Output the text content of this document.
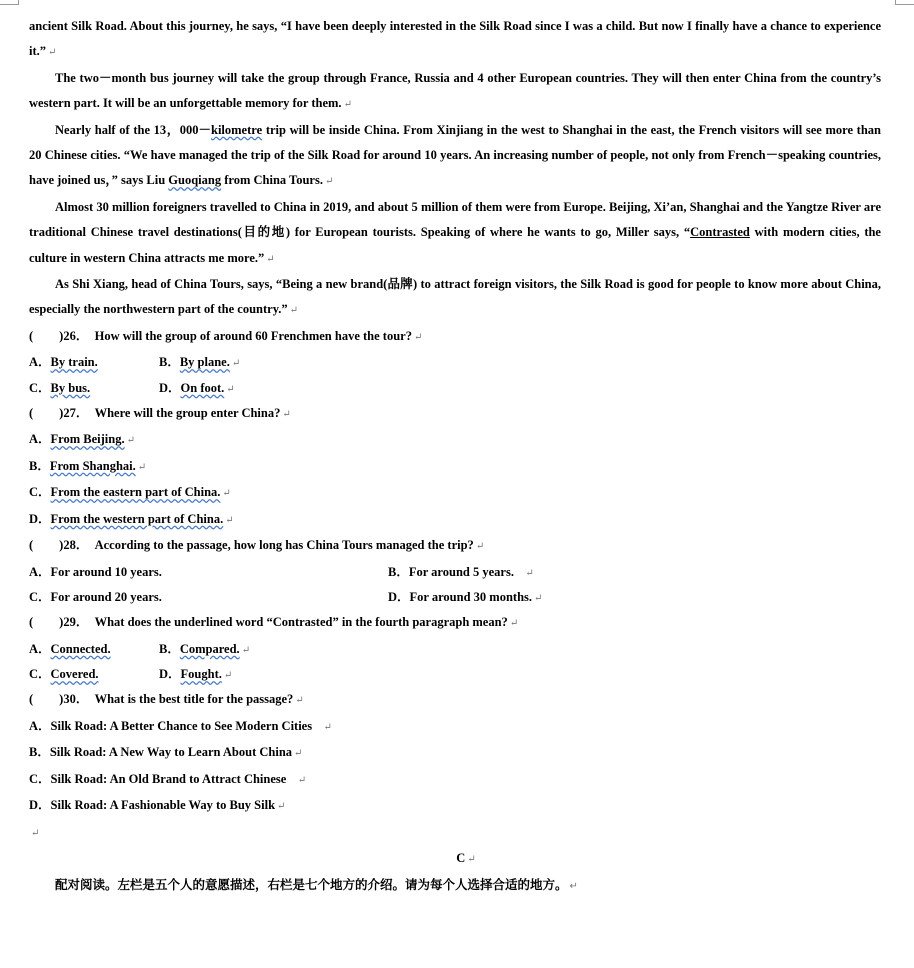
ancient Silk Road. About this journey, he says, “I have been deeply interested in the Silk Road since I was a child. But now I finally have a chance to experience it.” ↵

The two－month bus journey will take the group through France, Russia and 4 other European countries. They will then enter China from the country’s western part. It will be an unforgettable memory for them. ↵

Nearly half of the 13，000－kilometre trip will be inside China. From Xinjiang in the west to Shanghai in the east, the French visitors will see more than 20 Chinese cities. “We have managed the trip of the Silk Road for around 10 years. An increasing number of people, not only from French－speaking countries, have joined us，” says Liu Guoqiang from China Tours. ↵

Almost 30 million foreigners travelled to China in 2019, and about 5 million of them were from Europe. Beijing, Xi’an, Shanghai and the Yangtze River are traditional Chinese travel destinations(目的地) for European tourists. Speaking of where he wants to go, Miller says, “Contrasted with modern cities, the culture in western China attracts me more.” ↵

As Shi Xiang, head of China Tours, says, “Being a new brand(品牌) to attract foreign visitors, the Silk Road is good for people to know more about China, especially the northwestern part of the country.” ↵

( )26． How will the group of around 60 Frenchmen have the tour? ↵

A．By train.	B．By plane. ↵
C．By bus.	D．On foot. ↵

( )27． Where will the group enter China? ↵

A．From Beijing. ↵

B．From Shanghai. ↵

C．From the eastern part of China. ↵

D．From the western part of China. ↵

( )28． According to the passage, how long has China Tours managed the trip? ↵

A．For around 10 years.	B．For around 5 years. ↵
C．For around 20 years.	D．For around 30 months. ↵

( )29． What does the underlined word “Contrasted” in the fourth paragraph mean? ↵

A．Connected.	B．Compared. ↵
C．Covered.	D．Fought. ↵

( )30． What is the best title for the passage? ↵

A．Silk Road: A Better Chance to See Modern Cities ↵

B．Silk Road: A New Way to Learn About China ↵

C．Silk Road: An Old Brand to Attract Chinese ↵

D．Silk Road: A Fashionable Way to Buy Silk ↵

↵

C ↵

配对阅读。左栏是五个人的意愿描述，右栏是七个地方的介绍。请为每个人选择合适的地方。 ↵
